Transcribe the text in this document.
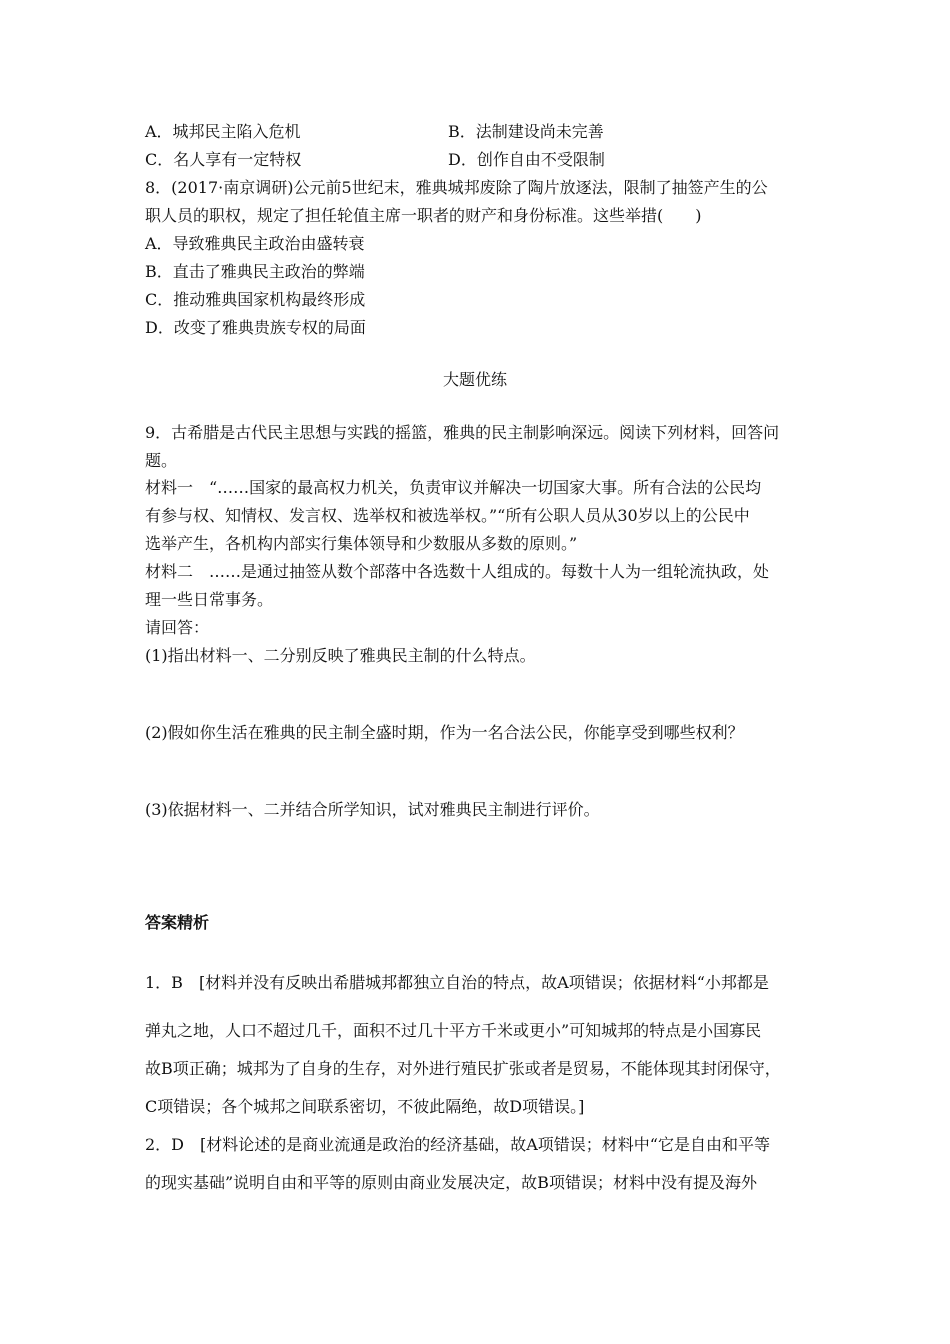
A．城邦民主陷入危机	B．法制建设尚未完善
C．名人享有一定特权	D．创作自由不受限制
8．(2017·南京调研)公元前5世纪末，雅典城邦废除了陶片放逐法，限制了抽签产生的公
职人员的职权，规定了担任轮值主席一职者的财产和身份标准。这些举措(　　)
A．导致雅典民主政治由盛转衰
B．直击了雅典民主政治的弊端
C．推动雅典国家机构最终形成
D．改变了雅典贵族专权的局面
大题优练
9．古希腊是古代民主思想与实践的摇篮，雅典的民主制影响深远。阅读下列材料，回答问
题。
材料一　“……国家的最高权力机关，负责审议并解决一切国家大事。所有合法的公民均
有参与权、知情权、发言权、选举权和被选举权。”“所有公职人员从30岁以上的公民中
选举产生，各机构内部实行集体领导和少数服从多数的原则。”
材料二　……是通过抽签从数个部落中各选数十人组成的。每数十人为一组轮流执政，处
理一些日常事务。
请回答：
(1)指出材料一、二分别反映了雅典民主制的什么特点。
(2)假如你生活在雅典的民主制全盛时期，作为一名合法公民，你能享受到哪些权利？
(3)依据材料一、二并结合所学知识，试对雅典民主制进行评价。
答案精析
1．B　[材料并没有反映出希腊城邦都独立自治的特点，故A项错误；依据材料“小邦都是
弹丸之地，人口不超过几千，面积不过几十平方千米或更小”可知城邦的特点是小国寡民
故B项正确；城邦为了自身的生存，对外进行殖民扩张或者是贸易，不能体现其封闭保守，
C项错误；各个城邦之间联系密切，不彼此隔绝，故D项错误。]
2．D　[材料论述的是商业流通是政治的经济基础，故A项错误；材料中“它是自由和平等
的现实基础”说明自由和平等的原则由商业发展决定，故B项错误；材料中没有提及海外
